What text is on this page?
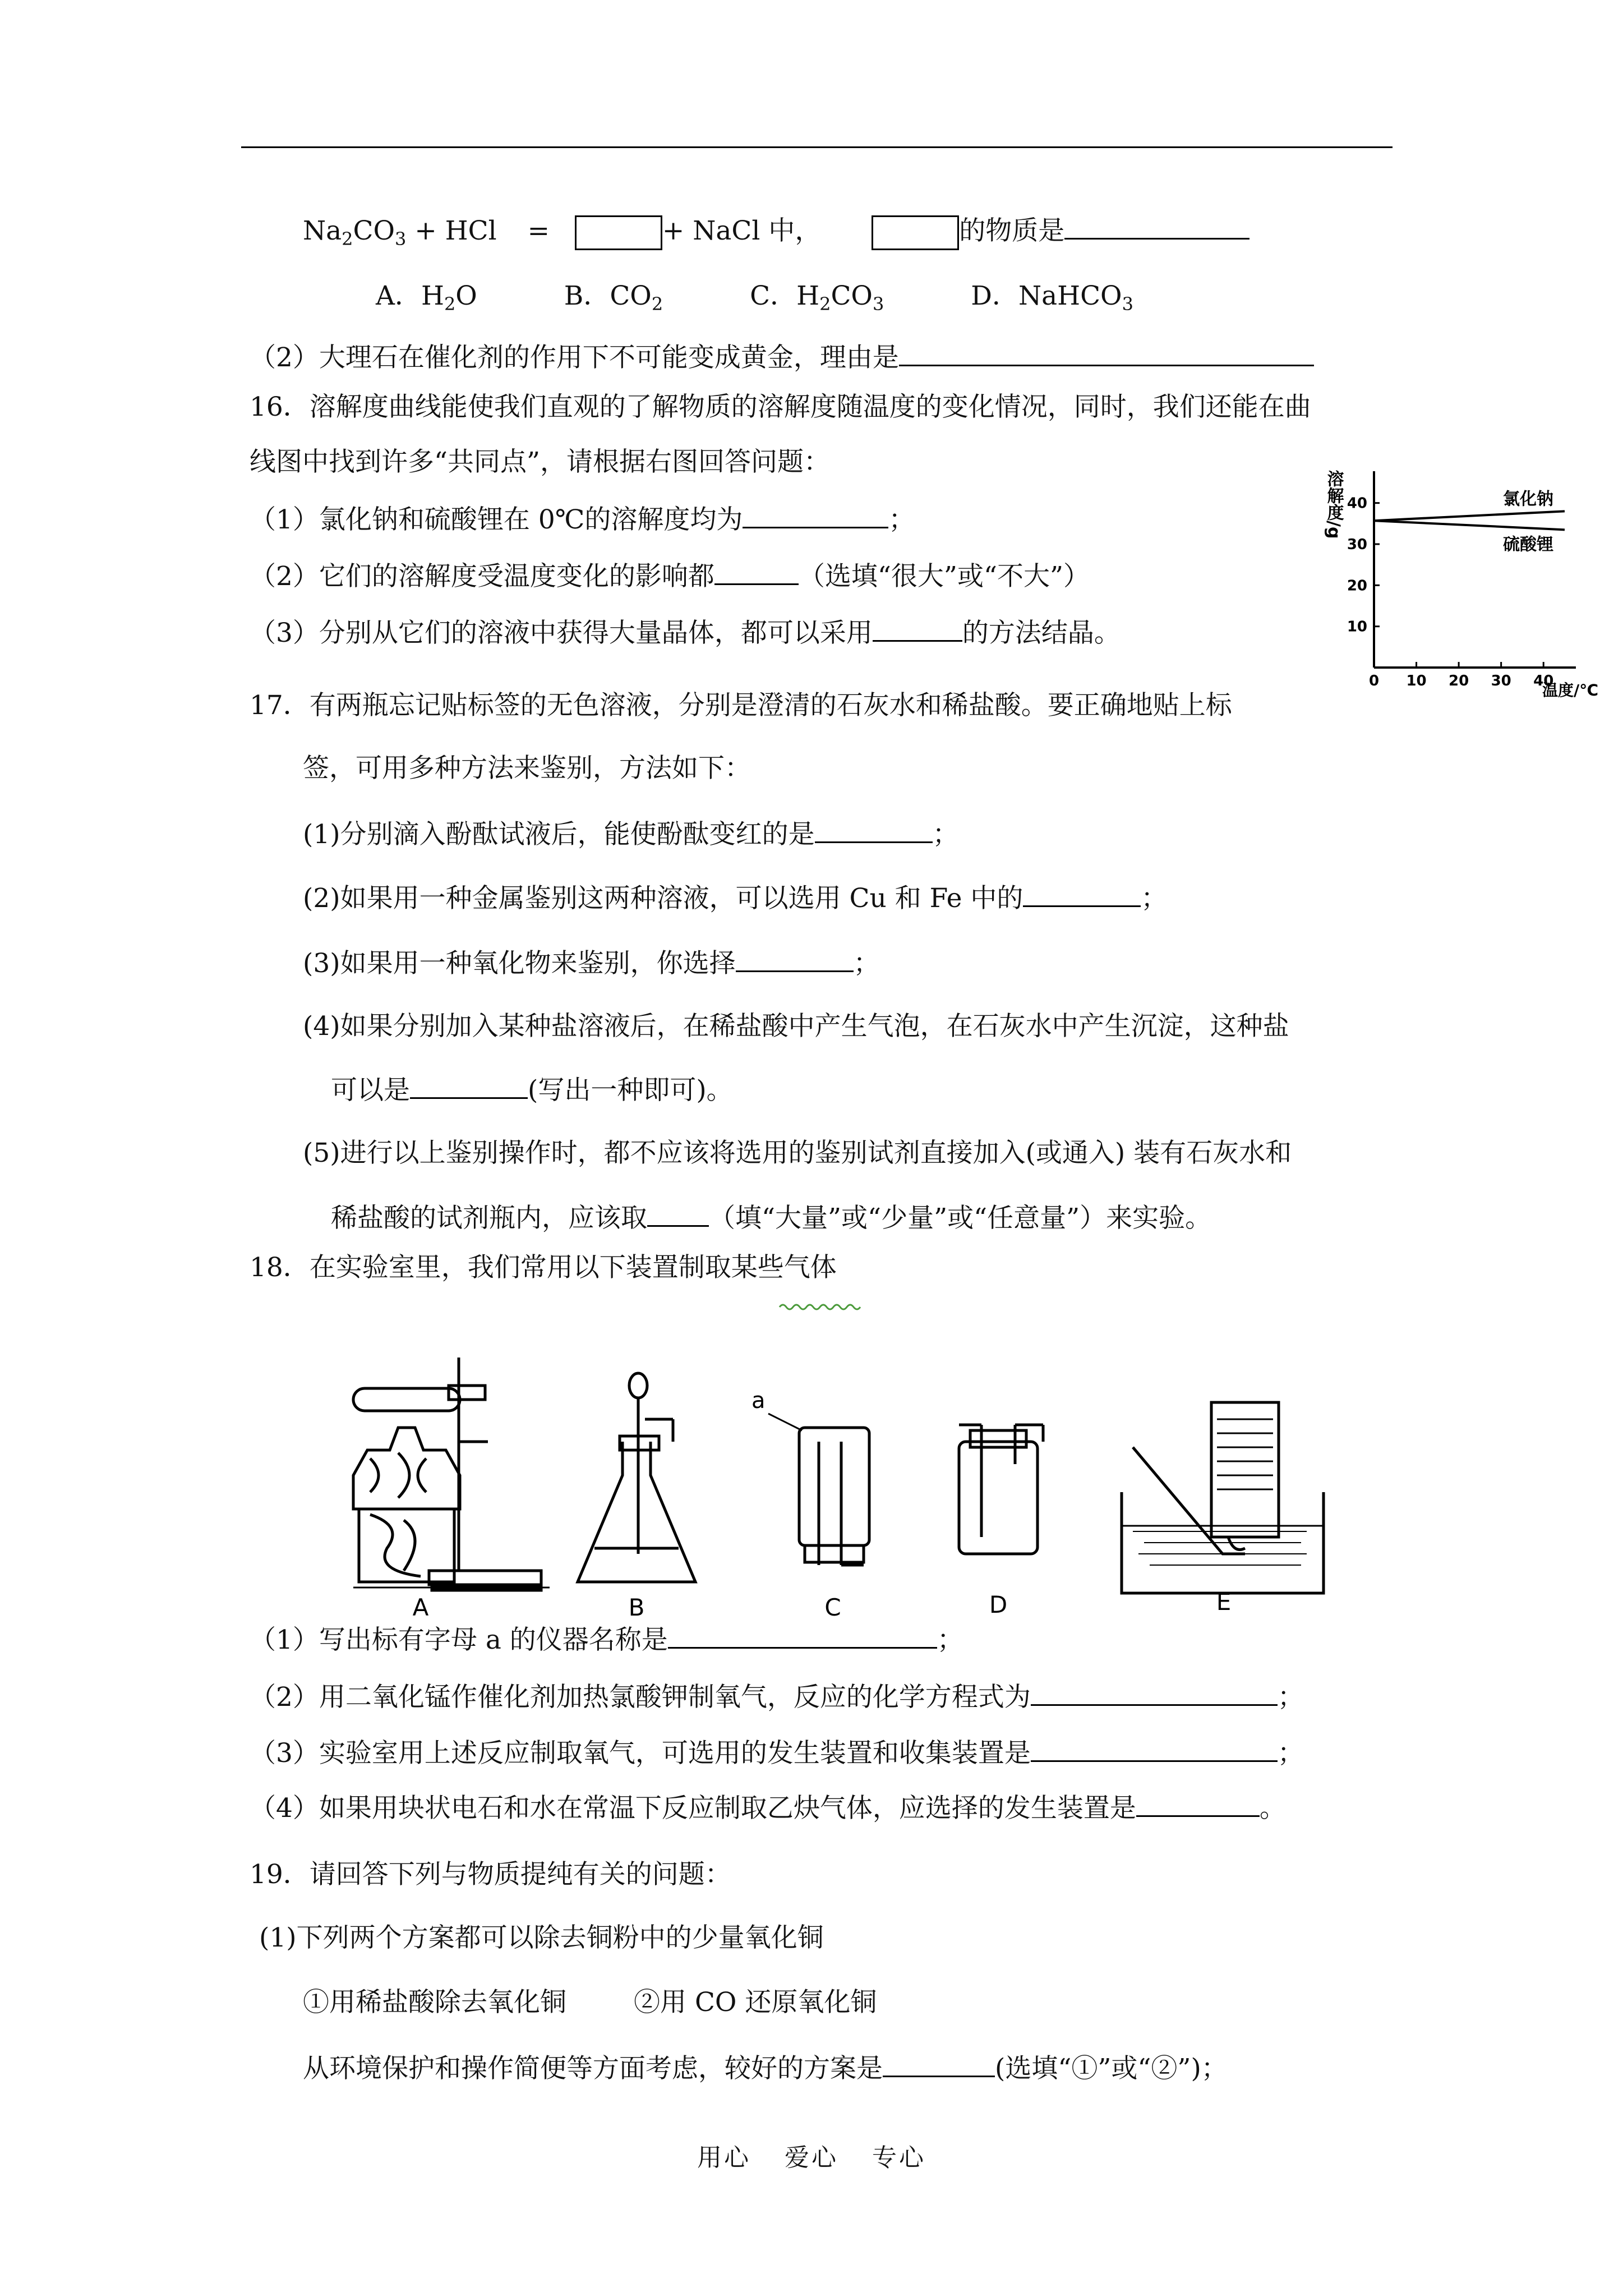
$Na_2CO_3$ + HCl =	+ NaCl 中，	的物质是
A．$H_2O$	B．$CO_2$	C．$H_2CO_3$	D．NaHCO$_3$
（2）大理石在催化剂的作用下不可能变成黄金，理由是
16．溶解度曲线能使我们直观的了解物质的溶解度随温度的变化情况，同时，我们还能在曲
线图中找到许多“共同点”，请根据右图回答问题：
（1）氯化钠和硫酸锂在 0℃的溶解度均为	；
（2）它们的溶解度受温度变化的影响都	（选填“很大”或“不大”）
（3）分别从它们的溶液中获得大量晶体，都可以采用	的方法结晶。
溶解度/g
0 10 20 30 40
10
20
30
40	氯化钠
硫酸锂
温度/℃
17．有两瓶忘记贴标签的无色溶液，分别是澄清的石灰水和稀盐酸。要正确地贴上标
签，可用多种方法来鉴别，方法如下：
(1)分别滴入酚酞试液后，能使酚酞变红的是	；
(2)如果用一种金属鉴别这两种溶液，可以选用 Cu 和 Fe 中的	；
(3)如果用一种氧化物来鉴别，你选择	；
(4)如果分别加入某种盐溶液后，在稀盐酸中产生气泡，在石灰水中产生沉淀，这种盐
可以是	(写出一种即可)。
(5)进行以上鉴别操作时，都不应该将选用的鉴别试剂直接加入(或通入) 装有石灰水和
稀盐酸的试剂瓶内，应该取 （填“大量”或“少量”或“任意量”）来实验。
18．在实验室里，我们常用以下装置制取某些气体
a
A	B	C	D	E
（1）写出标有字母 a 的仪器名称是	；
（2）用二氧化锰作催化剂加热氯酸钾制氧气，反应的化学方程式为	；
（3）实验室用上述反应制取氧气，可选用的发生装置和收集装置是	；
（4）如果用块状电石和水在常温下反应制取乙炔气体，应选择的发生装置是	。
19．请回答下列与物质提纯有关的问题：
(1)下列两个方案都可以除去铜粉中的少量氧化铜
①用稀盐酸除去氧化铜	②用 CO 还原氧化铜
从环境保护和操作简便等方面考虑，较好的方案是	(选填“①”或“②”)；
用心 爱心 专心
